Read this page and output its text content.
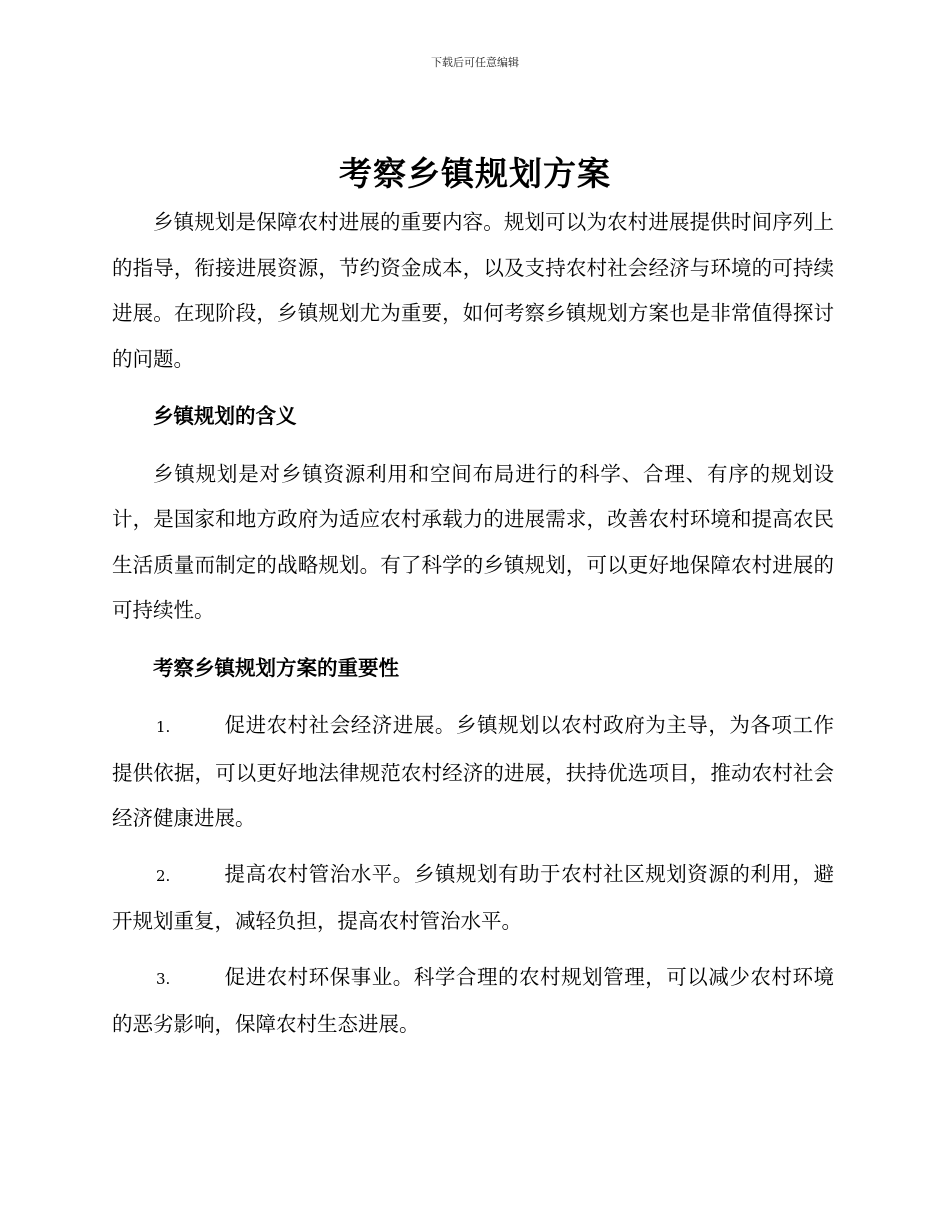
下载后可任意编辑
考察乡镇规划方案

乡镇规划是保障农村进展的重要内容。规划可以为农村进展提供时间序列上的指导，衔接进展资源，节约资金成本，以及支持农村社会经济与环境的可持续进展。在现阶段，乡镇规划尤为重要，如何考察乡镇规划方案也是非常值得探讨的问题。

乡镇规划的含义

乡镇规划是对乡镇资源利用和空间布局进行的科学、合理、有序的规划设计，是国家和地方政府为适应农村承载力的进展需求，改善农村环境和提高农民生活质量而制定的战略规划。有了科学的乡镇规划，可以更好地保障农村进展的可持续性。

考察乡镇规划方案的重要性

1.	促进农村社会经济进展。乡镇规划以农村政府为主导，为各项工作提供依据，可以更好地法律规范农村经济的进展，扶持优选项目，推动农村社会经济健康进展。

2.	提高农村管治水平。乡镇规划有助于农村社区规划资源的利用，避开规划重复，减轻负担，提高农村管治水平。

3.	促进农村环保事业。科学合理的农村规划管理，可以减少农村环境的恶劣影响，保障农村生态进展。
